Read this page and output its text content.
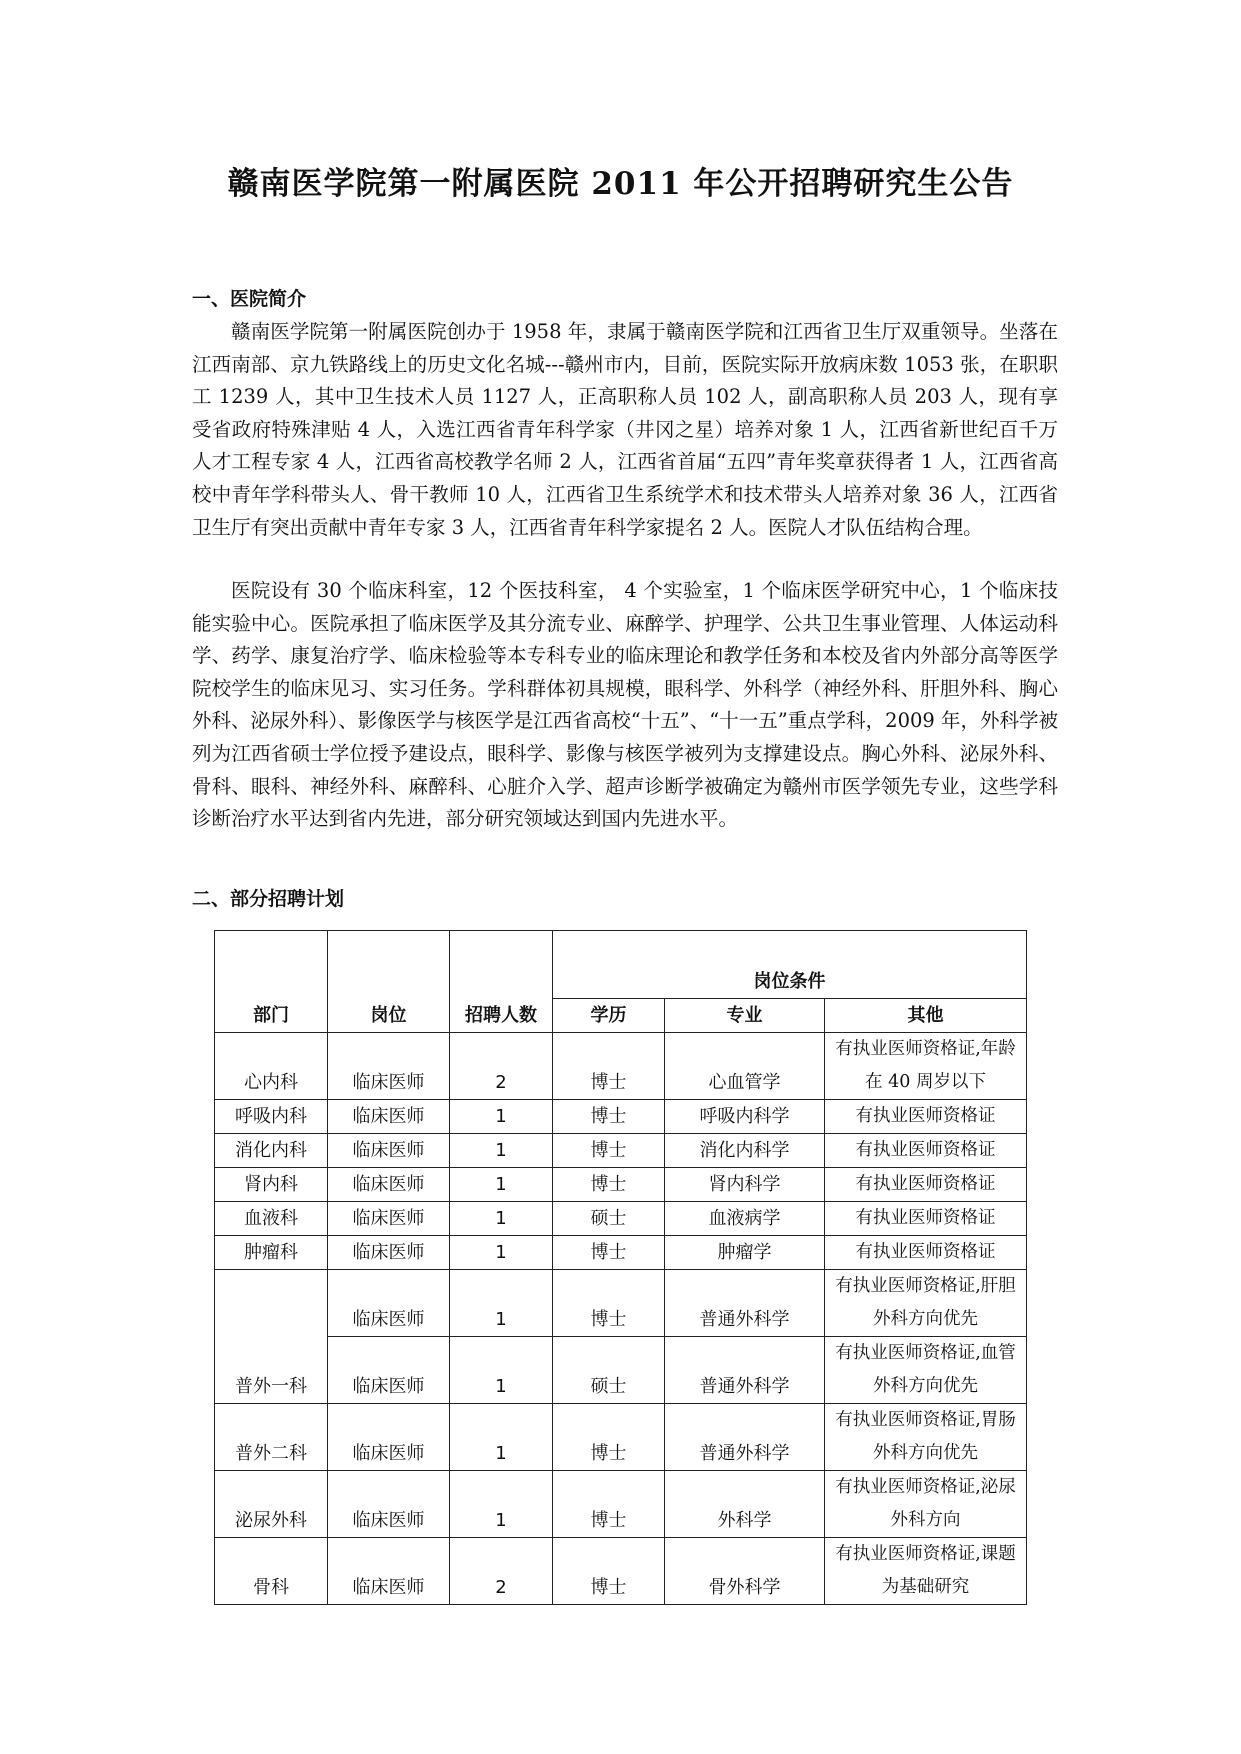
赣南医学院第一附属医院 2011 年公开招聘研究生公告
一、医院简介

赣南医学院第一附属医院创办于 1958 年，隶属于赣南医学院和江西省卫生厅双重领导。坐落在江西南部、京九铁路线上的历史文化名城---赣州市内，目前，医院实际开放病床数 1053 张，在职职工 1239 人，其中卫生技术人员 1127 人，正高职称人员 102 人，副高职称人员 203 人，现有享受省政府特殊津贴 4 人，入选江西省青年科学家（井冈之星）培养对象 1 人，江西省新世纪百千万人才工程专家 4 人，江西省高校教学名师 2 人，江西省首届“五四”青年奖章获得者 1 人，江西省高校中青年学科带头人、骨干教师 10 人，江西省卫生系统学术和技术带头人培养对象 36 人，江西省卫生厅有突出贡献中青年专家 3 人，江西省青年科学家提名 2 人。医院人才队伍结构合理。

医院设有 30 个临床科室，12 个医技科室， 4 个实验室，1 个临床医学研究中心，1 个临床技能实验中心。医院承担了临床医学及其分流专业、麻醉学、护理学、公共卫生事业管理、人体运动科学、药学、康复治疗学、临床检验等本专科专业的临床理论和教学任务和本校及省内外部分高等医学院校学生的临床见习、实习任务。学科群体初具规模，眼科学、外科学（神经外科、肝胆外科、胸心外科、泌尿外科）、影像医学与核医学是江西省高校“十五”、“十一五”重点学科，2009 年，外科学被列为江西省硕士学位授予建设点，眼科学、影像与核医学被列为支撑建设点。胸心外科、泌尿外科、骨科、眼科、神经外科、麻醉科、心脏介入学、超声诊断学被确定为赣州市医学领先专业，这些学科诊断治疗水平达到省内先进，部分研究领域达到国内先进水平。

二、部分招聘计划
部门	岗位	招聘人数	岗位条件		
			学历	专业	其他
心内科	临床医师	2	博士	心血管学	有执业医师资格证,年龄在 40 周岁以下
呼吸内科	临床医师	1	博士	呼吸内科学	有执业医师资格证
消化内科	临床医师	1	博士	消化内科学	有执业医师资格证
肾内科	临床医师	1	博士	肾内科学	有执业医师资格证
血液科	临床医师	1	硕士	血液病学	有执业医师资格证
肿瘤科	临床医师	1	博士	肿瘤学	有执业医师资格证
普外一科	临床医师	1	博士	普通外科学	有执业医师资格证,肝胆外科方向优先
	临床医师	1	硕士	普通外科学	有执业医师资格证,血管外科方向优先
普外二科	临床医师	1	博士	普通外科学	有执业医师资格证,胃肠外科方向优先
泌尿外科	临床医师	1	博士	外科学	有执业医师资格证,泌尿外科方向
骨科	临床医师	2	博士	骨外科学	有执业医师资格证,课题为基础研究
